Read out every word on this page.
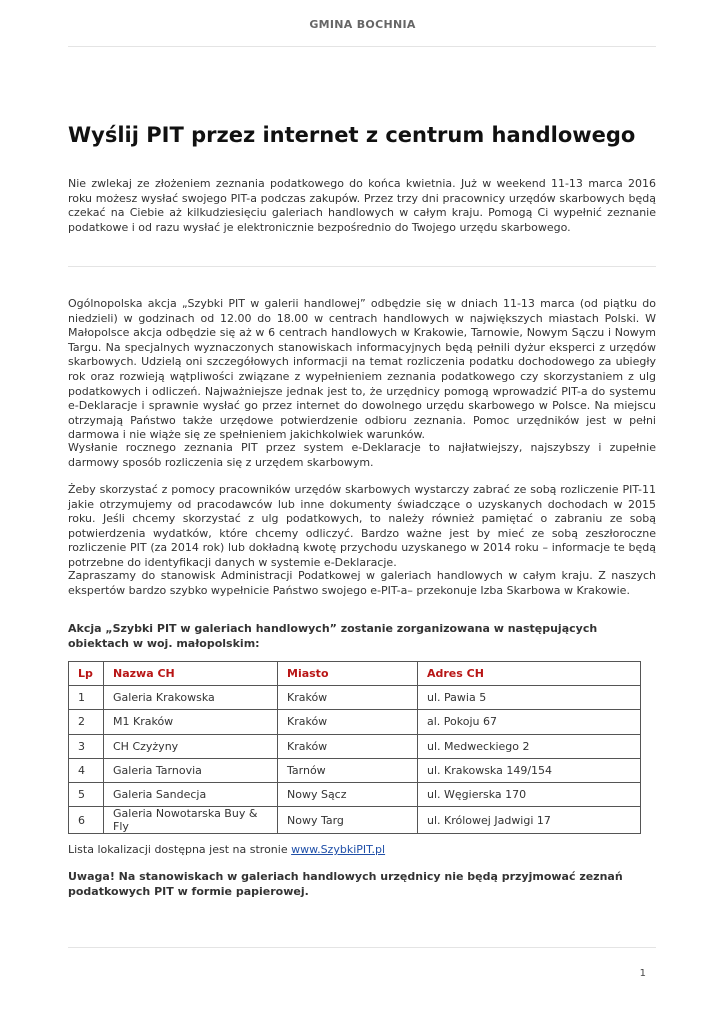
GMINA BOCHNIA
Wyślij PIT przez internet z centrum handlowego

Nie zwlekaj ze złożeniem zeznania podatkowego do końca kwietnia. Już w weekend 11-13 marca 2016 roku możesz wysłać swojego PIT-a podczas zakupów. Przez trzy dni pracownicy urzędów skarbowych będą czekać na Ciebie aż kilkudziesięciu galeriach handlowych w całym kraju. Pomogą Ci wypełnić zeznanie podatkowe i od razu wysłać je elektronicznie bezpośrednio do Twojego urzędu skarbowego.

Ogólnopolska akcja „Szybki PIT w galerii handlowej” odbędzie się w dniach 11-13 marca (od piątku do niedzieli) w godzinach od 12.00 do 18.00 w centrach handlowych w największych miastach Polski. W Małopolsce akcja odbędzie się aż w 6 centrach handlowych w Krakowie, Tarnowie, Nowym Sączu i Nowym Targu. Na specjalnych wyznaczonych stanowiskach informacyjnych będą pełnili dyżur eksperci z urzędów skarbowych. Udzielą oni szczegółowych informacji na temat rozliczenia podatku dochodowego za ubiegły rok oraz rozwieją wątpliwości związane z wypełnieniem zeznania podatkowego czy skorzystaniem z ulg podatkowych i odliczeń. Najważniejsze jednak jest to, że urzędnicy pomogą wprowadzić PIT-a do systemu e-Deklaracje i sprawnie wysłać go przez internet do dowolnego urzędu skarbowego w Polsce. Na miejscu otrzymają Państwo także urzędowe potwierdzenie odbioru zeznania. Pomoc urzędników jest w pełni darmowa i nie wiąże się ze spełnieniem jakichkolwiek warunków.

Wysłanie rocznego zeznania PIT przez system e-Deklaracje to najłatwiejszy, najszybszy i zupełnie darmowy sposób rozliczenia się z urzędem skarbowym.

Żeby skorzystać z pomocy pracowników urzędów skarbowych wystarczy zabrać ze sobą rozliczenie PIT-11 jakie otrzymujemy od pracodawców lub inne dokumenty świadczące o uzyskanych dochodach w 2015 roku. Jeśli chcemy skorzystać z ulg podatkowych, to należy również pamiętać o zabraniu ze sobą potwierdzenia wydatków, które chcemy odliczyć. Bardzo ważne jest by mieć ze sobą zeszłoroczne rozliczenie PIT (za 2014 rok) lub dokładną kwotę przychodu uzyskanego w 2014 roku – informacje te będą potrzebne do identyfikacji danych w systemie e-Deklaracje.

Zapraszamy do stanowisk Administracji Podatkowej w galeriach handlowych w całym kraju. Z naszych ekspertów bardzo szybko wypełnicie Państwo swojego e-PIT-a– przekonuje Izba Skarbowa w Krakowie.

Akcja „Szybki PIT w galeriach handlowych” zostanie zorganizowana w następujących obiektach w woj. małopolskim:

Lp	Nazwa CH	Miasto	Adres CH
1	Galeria Krakowska	Kraków	ul. Pawia 5
2	M1 Kraków	Kraków	al. Pokoju 67
3	CH Czyżyny	Kraków	ul. Medweckiego 2
4	Galeria Tarnovia	Tarnów	ul. Krakowska 149/154
5	Galeria Sandecja	Nowy Sącz	ul. Węgierska 170
6	Galeria Nowotarska Buy & Fly	Nowy Targ	ul. Królowej Jadwigi 17

Lista lokalizacji dostępna jest na stronie www.SzybkiPIT.pl

Uwaga! Na stanowiskach w galeriach handlowych urzędnicy nie będą przyjmować zeznań podatkowych PIT w formie papierowej.

1
